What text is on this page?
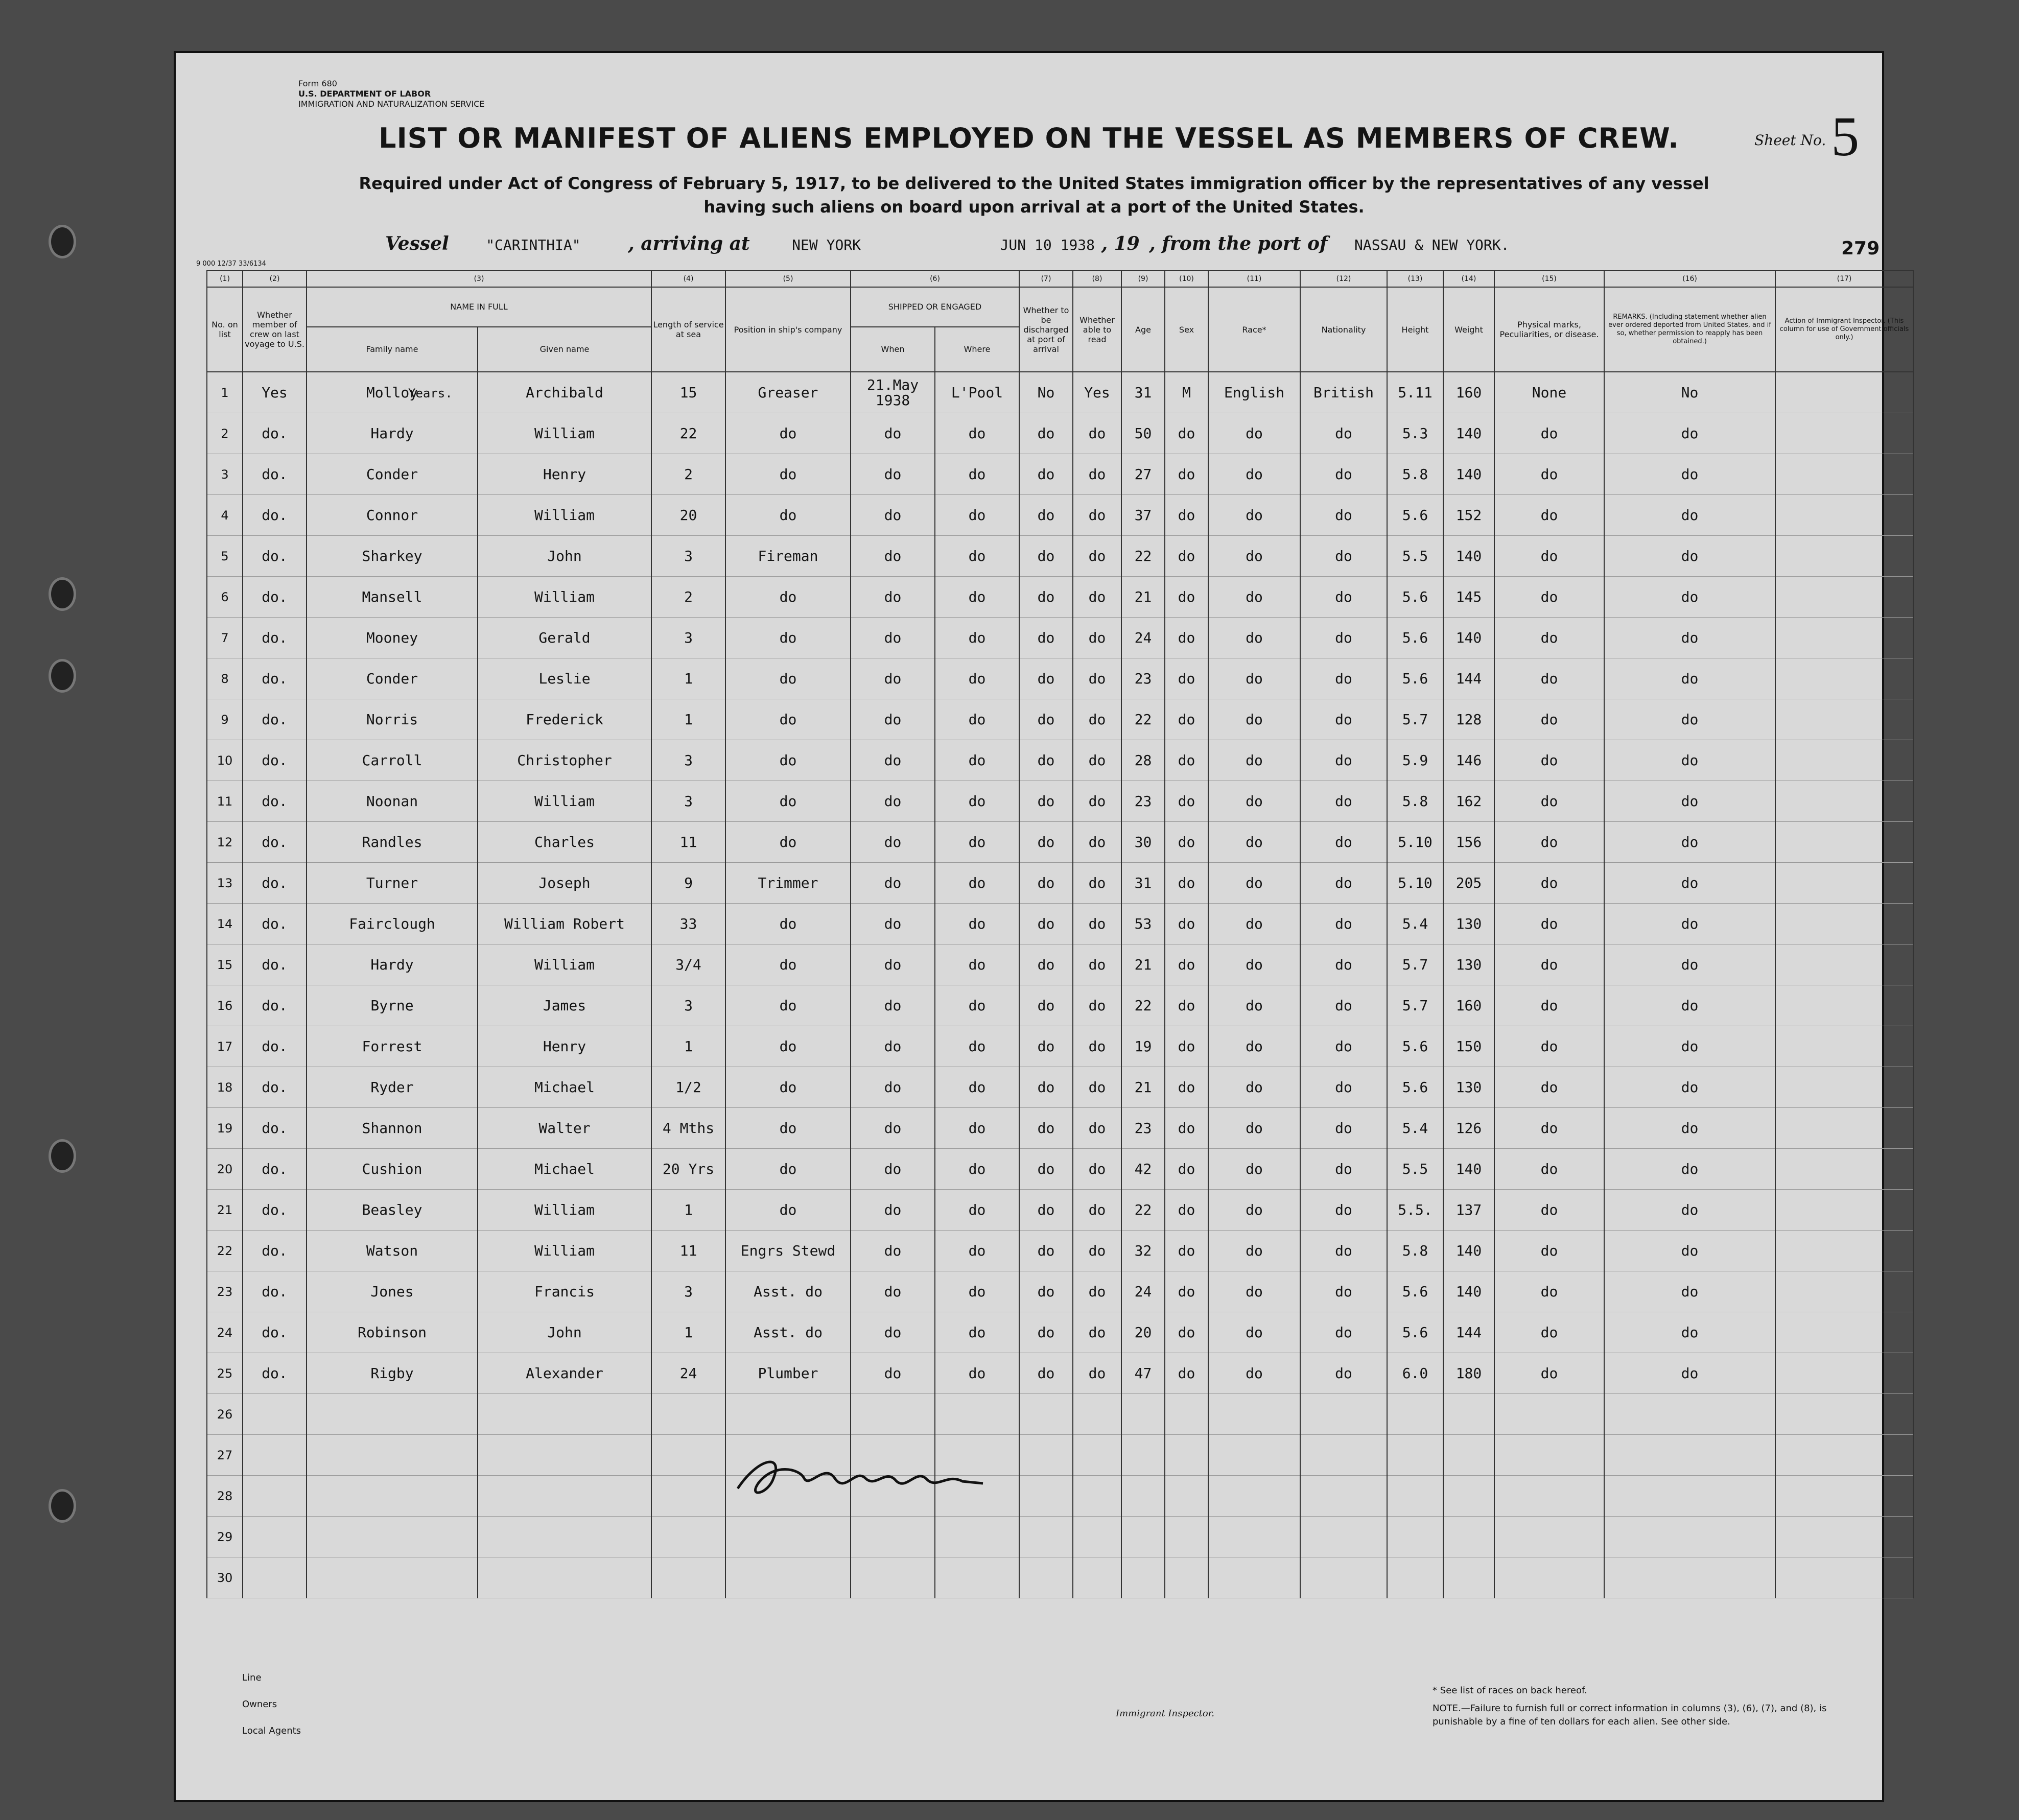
Form 680
U.S. DEPARTMENT OF LABOR
IMMIGRATION AND NATURALIZATION SERVICE
Sheet No.5
LIST OR MANIFEST OF ALIENS EMPLOYED ON THE VESSEL AS MEMBERS OF CREW.
Required under Act of Congress of February 5, 1917, to be delivered to the United States immigration officer by the representatives of any vessel having such aliens on board upon arrival at a port of the United States.
Vessel	"CARINTHIA"	, arriving at	NEW YORK	JUN 10 1938 , 19 , from the port of NASSAU & NEW YORK.	279
9 000 12/37 33/6134
(1)	(2)	(3)		(4)	(5)	(6)		(7)	(8)	(9)	(10)	(11)	(12)	(13)	(14)	(15)	(16)	(17)
No. on list	Whether member of crew on last voyage to U.S.	NAME IN FULL		Length of service at sea	Position in ship's company	SHIPPED OR ENGAGED		Whether to be discharged at port of arrival	Whether able to read	Age	Sex	Race*	Nationality	Height	Weight	Physical marks, Peculiarities, or disease.	REMARKS. (Including statement whether alien ever ordered deported from United States, and if so, whether permission to reapply has been obtained.)	Action of Immigrant Inspector. (This column for use of Government officials only.)
		Family name	Given name			When	Where											
1	Yes	Molloy	Archibald	15	Greaser	21.May 1938	L'Pool	No	Yes	31	M	English	British	5.11	160	None	No	
2	do.	Hardy	William	22	do	do	do	do	do	50	do	do	do	5.3	140	do	do	
3	do.	Conder	Henry	2	do	do	do	do	do	27	do	do	do	5.8	140	do	do	
4	do.	Connor	William	20	do	do	do	do	do	37	do	do	do	5.6	152	do	do	
5	do.	Sharkey	John	3	Fireman	do	do	do	do	22	do	do	do	5.5	140	do	do	
6	do.	Mansell	William	2	do	do	do	do	do	21	do	do	do	5.6	145	do	do	
7	do.	Mooney	Gerald	3	do	do	do	do	do	24	do	do	do	5.6	140	do	do	
8	do.	Conder	Leslie	1	do	do	do	do	do	23	do	do	do	5.6	144	do	do	
9	do.	Norris	Frederick	1	do	do	do	do	do	22	do	do	do	5.7	128	do	do	
10	do.	Carroll	Christopher	3	do	do	do	do	do	28	do	do	do	5.9	146	do	do	
11	do.	Noonan	William	3	do	do	do	do	do	23	do	do	do	5.8	162	do	do	
12	do.	Randles	Charles	11	do	do	do	do	do	30	do	do	do	5.10	156	do	do	
13	do.	Turner	Joseph	9	Trimmer	do	do	do	do	31	do	do	do	5.10	205	do	do	
14	do.	Fairclough	William Robert	33	do	do	do	do	do	53	do	do	do	5.4	130	do	do	
15	do.	Hardy	William	3/4	do	do	do	do	do	21	do	do	do	5.7	130	do	do	
16	do.	Byrne	James	3	do	do	do	do	do	22	do	do	do	5.7	160	do	do	
17	do.	Forrest	Henry	1	do	do	do	do	do	19	do	do	do	5.6	150	do	do	
18	do.	Ryder	Michael	1/2	do	do	do	do	do	21	do	do	do	5.6	130	do	do	
19	do.	Shannon	Walter	4 Mths	do	do	do	do	do	23	do	do	do	5.4	126	do	do	
20	do.	Cushion	Michael	20 Yrs	do	do	do	do	do	42	do	do	do	5.5	140	do	do	
21	do.	Beasley	William	1	do	do	do	do	do	22	do	do	do	5.5.	137	do	do	
22	do.	Watson	William	11	Engrs Stewd	do	do	do	do	32	do	do	do	5.8	140	do	do	
23	do.	Jones	Francis	3	Asst. do	do	do	do	do	24	do	do	do	5.6	140	do	do	
24	do.	Robinson	John	1	Asst. do	do	do	do	do	20	do	do	do	5.6	144	do	do	
25	do.	Rigby	Alexander	24	Plumber	do	do	do	do	47	do	do	do	6.0	180	do	do	
26																		
27																		
28																		
29																		
30																		
Years.
Line
Owners
Local Agents
Immigrant Inspector.
* See list of races on back hereof.
NOTE.—Failure to furnish full or correct information in columns (3), (6), (7), and (8), is punishable by a fine of ten dollars for each alien. See other side.
